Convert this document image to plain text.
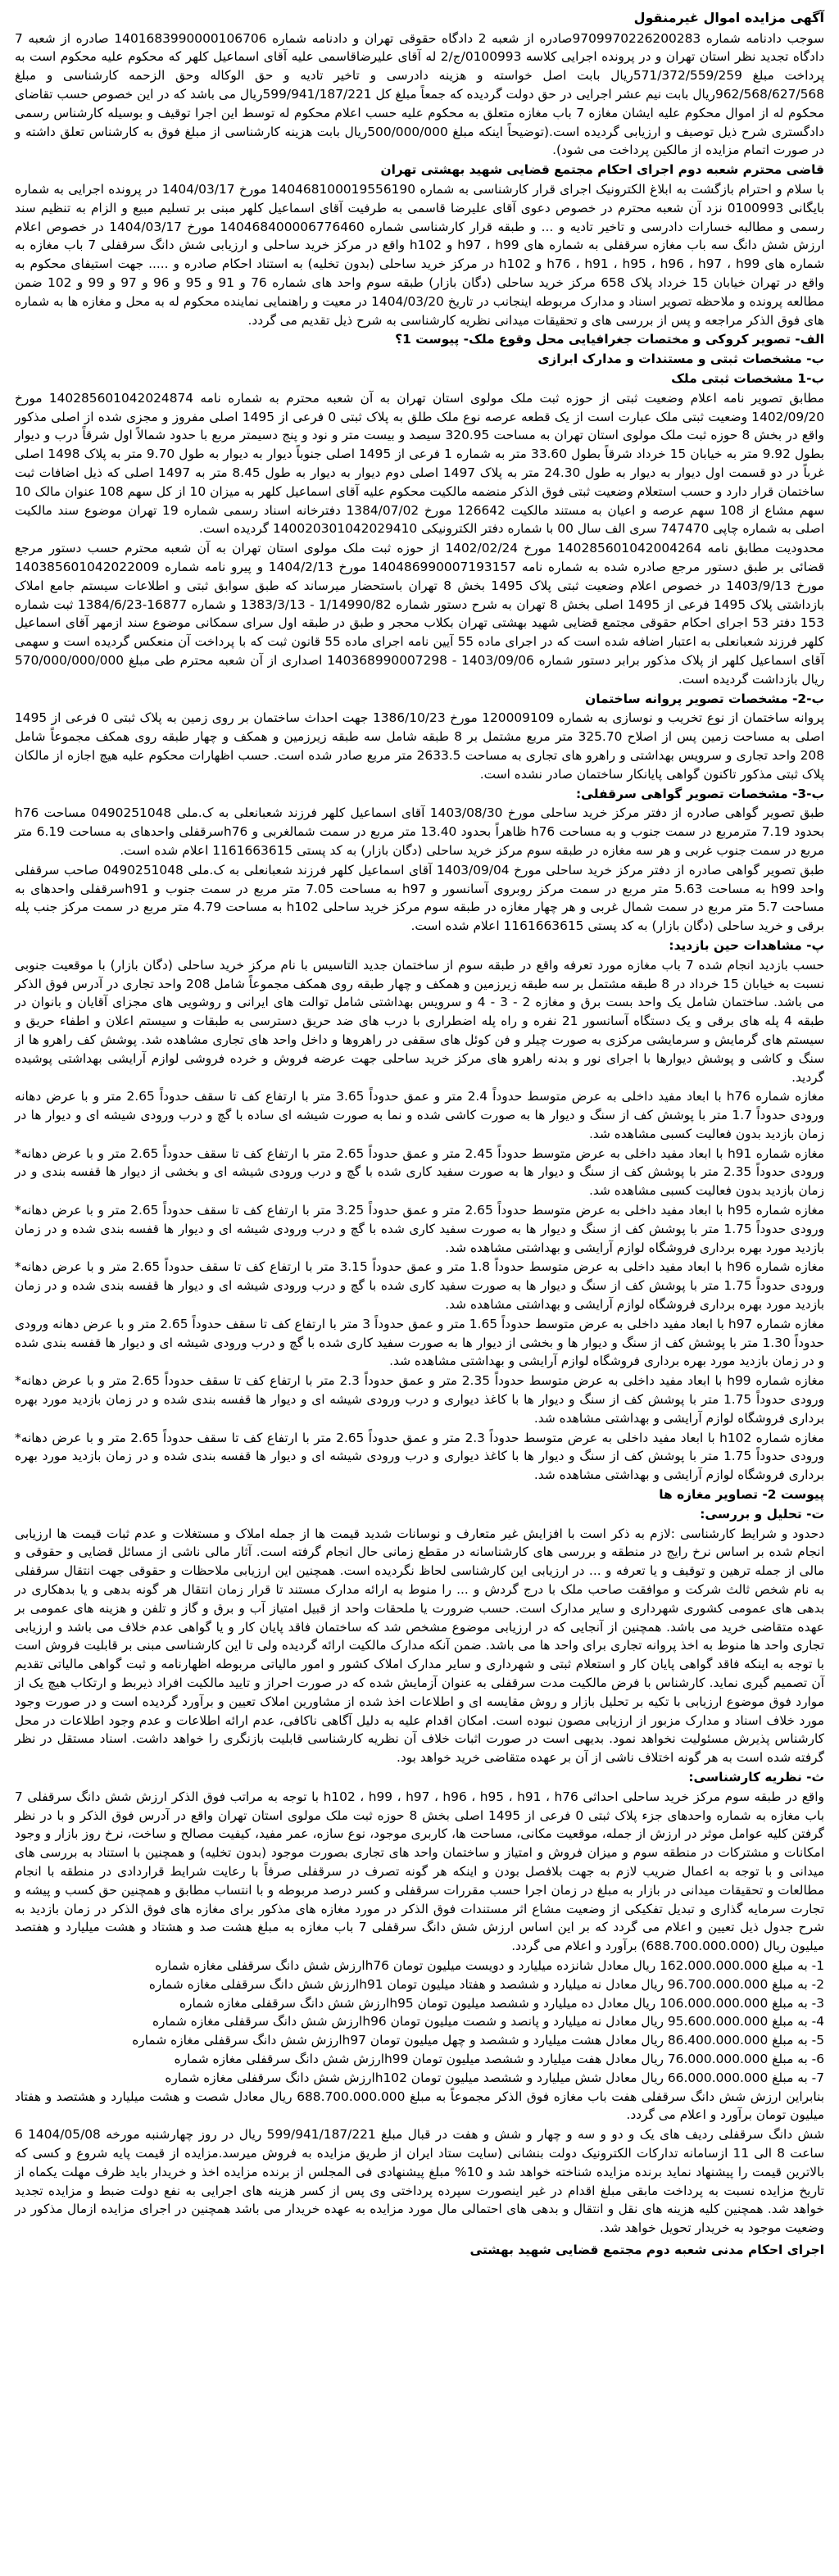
آگهی مزایده اموال غیرمنقول

سوجب دادنامه شماره 9709970226200283صادره از شعبه 2 دادگاه حقوقی تهران و دادنامه شماره 1401683990000106706 صادره از شعبه 7 دادگاه تجدید نظر استان تهران و در پرونده اجرایی کلاسه 0100993/ج/2 له آقای علیرضاقاسمی علیه آقای اسماعیل کلهر که محکوم علیه محکوم است به پرداخت مبلغ 571/372/559/259ریال بابت اصل خواسته و هزینه دادرسی و تاخیر تادیه و حق الوکاله وحق الزحمه کارشناسی و مبلغ 962/568/627/568ریال بابت نیم عشر اجرایی در حق دولت گردیده که جمعاً مبلغ کل 599/941/187/221ریال می باشد که در این خصوص حسب تقاضای محکوم له از اموال محکوم علیه ایشان مغازه 7 باب مغازه متعلق به محکوم علیه حسب اعلام محکوم له توسط این اجرا توقیف و بوسیله کارشناس رسمی دادگستری شرح ذیل توصیف و ارزیابی گردیده است.(توضیحاً اینکه مبلغ 500/000/000ریال بابت هزینه کارشناسی از مبلغ فوق به کارشناس تعلق داشته و در صورت اتمام مزایده از مالکین پرداخت می شود).

قاضی محترم شعبه دوم اجرای احکام مجتمع قضایی شهید بهشتی تهران

با سلام و احترام بازگشت به ابلاغ الکترونیک اجرای قرار کارشناسی به شماره 140468100019556190 مورخ 1404/03/17 در پرونده اجرایی به شماره بایگانی 0100993 نزد آن شعبه محترم در خصوص دعوی آقای علیرضا قاسمی به طرفیت آقای اسماعیل کلهر مبنی بر تسلیم مبیع و الزام به تنظیم سند رسمی و مطالبه خسارات دادرسی و تاخیر تادیه و ... و طبقه قرار کارشناسی شماره 140468400006776460 مورخ 1404/03/17 در خصوص اعلام ارزش شش دانگ سه باب مغازه سرقفلی به شماره های h97 ، h99 و h102 واقع در مرکز خرید ساحلی و ارزیابی شش دانگ سرقفلی 7 باب مغازه به شماره های h76 ، h91 ، h95 ، h96 ، h97 ، h99 و h102 در مرکز خرید ساحلی (بدون تخلیه) به استناد احکام صادره و ..... جهت استیفای محکوم به واقع در تهران خیابان 15 خرداد پلاک 658 مرکز خرید ساحلی (دگان بازار) طبقه سوم واحد های شماره 76 و 91 و 95 و 96 و 97 و 99 و 102 ضمن مطالعه پرونده و ملاحظه تصویر اسناد و مدارک مربوطه اینجانب در تاریخ 1404/03/20 در معیت و راهنمایی نماینده محکوم له به محل و مغازه ها به شماره های فوق الذکر مراجعه و پس از بررسی های و تحقیقات میدانی نظریه کارشناسی به شرح ذیل تقدیم می گردد.

الف- تصویر کروکی و مختصات جغرافیایی محل وقوع ملک- پیوست 1؟

ب- مشخصات ثبتی و مستندات و مدارک ابرازی

ب-1 مشخصات ثبتی ملک

مطابق تصویر نامه اعلام وضعیت ثبتی از حوزه ثبت ملک مولوی استان تهران به آن شعبه محترم به شماره نامه 140285601042024874 مورخ 1402/09/20 وضعیت ثبتی ملک عبارت است از یک قطعه عرصه نوع ملک طلق به پلاک ثبتی 0 فرعی از 1495 اصلی مفروز و مجزی شده از اصلی مذکور واقع در بخش 8 حوزه ثبت ملک مولوی استان تهران به مساحت 320.95 سیصد و بیست متر و نود و پنج دسیمتر مربع با حدود شمالاً اول شرقاً درب و دیوار بطول 9.92 متر به خیابان 15 خرداد شرقاً بطول 33.60 متر به شماره 1 فرعی از 1495 اصلی جنوباً دیوار به دیوار به طول 9.70 متر به پلاک 1498 اصلی غرباً در دو قسمت اول دیوار به دیوار به طول 24.30 متر به پلاک 1497 اصلی دوم دیوار به دیوار به طول 8.45 متر به 1497 اصلی که ذیل اضافات ثبت ساختمان قرار دارد و حسب استعلام وضعیت ثبتی فوق الذکر منضمه مالکیت محکوم علیه آقای اسماعیل کلهر به میزان 10 از کل سهم 108 عنوان مالک 10 سهم مشاع از 108 سهم عرصه و اعیان به مستند مالکیت 126642 مورخ 1384/07/02 دفترخانه اسناد رسمی شماره 19 تهران موضوع سند مالکیت اصلی به شماره چاپی 747470 سری الف سال 00 با شماره دفتر الکترونیکی 140020301042029410 گردیده است.

محدودیت مطابق نامه 140285601042004264 مورخ 1402/02/24 از حوزه ثبت ملک مولوی استان تهران به آن شعبه محترم حسب دستور مرجع قضائی بر طبق دستور مرجع صادره شده به شماره نامه 140486990007193157 مورخ 1404/2/13 و پیرو نامه شماره 140385601042022009 مورخ 1403/9/13 در خصوص اعلام وضعیت ثبتی پلاک 1495 بخش 8 تهران باستحضار میرساند که طبق سوابق ثبتی و اطلاعات سیستم جامع املاک بازداشتی پلاک 1495 فرعی از 1495 اصلی بخش 8 تهران به شرح دستور شماره 1/14990/82 - 1383/3/13 و شماره 16877-1384/6/23 ثبت شماره 153 دفتر 53 اجرای احکام حقوقی مجتمع قضایی شهید بهشتی تهران بکلاب محجر و طبق در طبقه اول سرای سمکانی موضوع سند ازمهر آقای اسماعیل کلهر فرزند شعبانعلی به اعتبار اضافه شده است که در اجرای ماده 55 آیین نامه اجرای ماده 55 قانون ثبت که با پرداخت آن منعکس گردیده است و سهمی آقای اسماعیل کلهر از پلاک مذکور برابر دستور شماره 1403/09/06 - 140368990007298 اصداری از آن شعبه محترم طی مبلغ 570/000/000/000 ریال بازداشت گردیده است.

ب-2- مشخصات تصویر پروانه ساختمان

پروانه ساختمان از نوع تخریب و نوسازی به شماره 120009109 مورخ 1386/10/23 جهت احداث ساختمان بر روی زمین به پلاک ثبتی 0 فرعی از 1495 اصلی به مساحت زمین پس از اصلاح 325.70 متر مربع مشتمل بر 8 طبقه شامل سه طبقه زیرزمین و همکف و چهار طبقه روی همکف مجموعاً شامل 208 واحد تجاری و سرویس بهداشتی و راهرو های تجاری به مساحت 2633.5 متر مربع صادر شده است. حسب اظهارات محکوم علیه هیچ اجازه از مالکان پلاک ثبتی مذکور تاکنون گواهی پایانکار ساختمان صادر نشده است.

ب-3- مشخصات تصویر گواهی سرقفلی:

طبق تصویر گواهی صادره از دفتر مرکز خرید ساحلی مورخ 1403/08/30 آقای اسماعیل کلهر فرزند شعبانعلی به ک.ملی 0490251048 مساحت h76 بحدود 7.19 مترمربع در سمت جنوب و به مساحت h76 ظاهراً بحدود 13.40 متر مربع در سمت شمالغربی و h76سرقفلی واحدهای به مساحت 6.19 متر مربع در سمت جنوب غربی و هر سه مغازه در طبقه سوم مرکز خرید ساحلی (دگان بازار) به کد پستی 1161663615 اعلام شده است.

طبق تصویر گواهی صادره از دفتر مرکز خرید ساحلی مورخ 1403/09/04 آقای اسماعیل کلهر فرزند شعبانعلی به ک.ملی 0490251048 صاحب سرقفلی واحد h99 به مساحت 5.63 متر مربع در سمت مرکز روبروی آسانسور و h97 به مساحت 7.05 متر مربع در سمت جنوب و h91سرقفلی واحدهای به مساحت 5.7 متر مربع در سمت شمال غربی و هر چهار مغازه در طبقه سوم مرکز خرید ساحلی h102 به مساحت 4.79 متر مربع در سمت مرکز جنب پله برقی و خرید ساحلی (دگان بازار) به کد پستی 1161663615 اعلام شده است.

پ- مشاهدات حین بازدید:

حسب بازدید انجام شده 7 باب مغازه مورد تعرفه واقع در طبقه سوم از ساختمان جدید التاسیس با نام مرکز خرید ساحلی (دگان بازار) با موقعیت جنوبی نسبت به خیابان 15 خرداد در 8 طبقه مشتمل بر سه طبقه زیرزمین و همکف و چهار طبقه روی همکف مجموعاً شامل 208 واحد تجاری در آدرس فوق الذکر می باشد. ساختمان شامل یک واحد بست برق و مغازه 2 - 3 - 4 و سرویس بهداشتی شامل توالت های ایرانی و روشویی های مجزای آقایان و بانوان در طبقه 4 پله های برقی و یک دستگاه آسانسور 21 نفره و راه پله اضطراری با درب های ضد حریق دسترسی به طبقات و سیستم اعلان و اطفاء حریق و سیستم های گرمایش و سرمایشی مرکزی به صورت چیلر و فن کوئل های سقفی در راهروها و داخل واحد های تجاری مشاهده شد. پوشش کف راهرو ها از سنگ و کاشی و پوشش دیوارها با اجرای نور و بدنه راهرو های مرکز خرید ساحلی جهت عرضه فروش و خرده فروشی لوازم آرایشی بهداشتی پوشیده گردید.

مغازه شماره h76 با ابعاد مفید داخلی به عرض متوسط حدوداً 2.4 متر و عمق حدوداً 3.65 متر با ارتفاع کف تا سقف حدوداً 2.65 متر و با عرض دهانه ورودی حدوداً 1.7 متر با پوشش کف از سنگ و دیوار ها به صورت کاشی شده و نما به صورت شیشه ای ساده با گچ و درب ورودی شیشه ای و دیوار ها در زمان بازدید بدون فعالیت کسبی مشاهده شد.

مغازه شماره h91 با ابعاد مفید داخلی به عرض متوسط حدوداً 2.45 متر و عمق حدوداً 2.65 متر با ارتفاع کف تا سقف حدوداً 2.65 متر و با عرض دهانه* ورودی حدوداً 2.35 متر با پوشش کف از سنگ و دیوار ها به صورت سفید کاری شده با گچ و درب ورودی شیشه ای و بخشی از دیوار ها قفسه بندی و در زمان بازدید بدون فعالیت کسبی مشاهده شد.

مغازه شماره h95 با ابعاد مفید داخلی به عرض متوسط حدوداً 2.65 متر و عمق حدوداً 3.25 متر با ارتفاع کف تا سقف حدوداً 2.65 متر و با عرض دهانه* ورودی حدوداً 1.75 متر با پوشش کف از سنگ و دیوار ها به صورت سفید کاری شده با گچ و درب ورودی شیشه ای و دیوار ها قفسه بندی شده و در زمان بازدید مورد بهره برداری فروشگاه لوازم آرایشی و بهداشتی مشاهده شد.

مغازه شماره h96 با ابعاد مفید داخلی به عرض متوسط حدوداً 1.8 متر و عمق حدوداً 3.15 متر با ارتفاع کف تا سقف حدوداً 2.65 متر و با عرض دهانه* ورودی حدوداً 1.75 متر با پوشش کف از سنگ و دیوار ها به صورت سفید کاری شده با گچ و درب ورودی شیشه ای و دیوار ها قفسه بندی شده و در زمان بازدید مورد بهره برداری فروشگاه لوازم آرایشی و بهداشتی مشاهده شد.

مغازه شماره h97 با ابعاد مفید داخلی به عرض متوسط حدوداً 1.65 متر و عمق حدوداً 3 متر با ارتفاع کف تا سقف حدوداً 2.65 متر و با عرض دهانه ورودی حدوداً 1.30 متر با پوشش کف از سنگ و دیوار ها و بخشی از دیوار ها به صورت سفید کاری شده با گچ و درب ورودی شیشه ای و دیوار ها قفسه بندی شده و در زمان بازدید مورد بهره برداری فروشگاه لوازم آرایشی و بهداشتی مشاهده شد.

مغازه شماره h99 با ابعاد مفید داخلی به عرض متوسط حدوداً 2.35 متر و عمق حدوداً 2.3 متر با ارتفاع کف تا سقف حدوداً 2.65 متر و با عرض دهانه* ورودی حدوداً 1.75 متر با پوشش کف از سنگ و دیوار ها با کاغذ دیواری و درب ورودی شیشه ای و دیوار ها قفسه بندی شده و در زمان بازدید مورد بهره برداری فروشگاه لوازم آرایشی و بهداشتی مشاهده شد.

مغازه شماره h102 با ابعاد مفید داخلی به عرض متوسط حدوداً 2.3 متر و عمق حدوداً 2.65 متر با ارتفاع کف تا سقف حدوداً 2.65 متر و با عرض دهانه* ورودی حدوداً 1.75 متر با پوشش کف از سنگ و دیوار ها با کاغذ دیواری و درب ورودی شیشه ای و دیوار ها قفسه بندی شده و در زمان بازدید مورد بهره برداری فروشگاه لوازم آرایشی و بهداشتی مشاهده شد.

پیوست 2- تصاویر مغازه ها

ت- تحلیل و بررسی:

دحدود و شرایط کارشناسی :لازم به ذکر است با افزایش غیر متعارف و نوسانات شدید قیمت ها از جمله املاک و مستغلات و عدم ثبات قیمت ها ارزیابی انجام شده بر اساس نرخ رایج در منطقه و بررسی های کارشناسانه در مقطع زمانی حال انجام گرفته است. آثار مالی ناشی از مسائل قضایی و حقوقی و مالی از جمله ترهین و توقیف و یا تعرفه و ... در ارزیابی این کارشناسی لحاظ نگردیده است. همچنین این ارزیابی ملاحظات و حقوقی جهت انتقال سرقفلی به نام شخص ثالث شرکت و موافقت صاحب ملک با درج گردش و ... را منوط به ارائه مدارک مستند تا قرار زمان انتقال هر گونه بدهی و یا بدهکاری در بدهی های عمومی کشوری شهرداری و سایر مدارک است. حسب ضرورت یا ملحقات واحد از قبیل امتیاز آب و برق و گاز و تلفن و هزینه های عمومی بر عهده متقاضی خرید می باشد. همچنین از آنجایی که در ارزیابی موضوع مشخص شد که ساختمان فاقد پایان کار و یا گواهی عدم خلاف می باشد و ارزیابی تجاری واحد ها منوط به اخذ پروانه تجاری برای واحد ها می باشد. ضمن آنکه مدارک مالکیت ارائه گردیده ولی تا این کارشناسی مبنی بر قابلیت فروش است با توجه به اینکه فاقد گواهی پایان کار و استعلام ثبتی و شهرداری و سایر مدارک املاک کشور و امور مالیاتی مربوطه اظهارنامه و ثبت گواهی مالیاتی تقدیم آن تصمیم گیری نماید. کارشناس با فرض مالکیت مدت سرقفلی به عنوان آزمایش شده که در صورت احراز و تایید مالکیت افراد ذیربط و ارتکاب هیچ یک از موارد فوق موضوع ارزیابی با تکیه بر تحلیل بازار و روش مقایسه ای و اطلاعات اخذ شده از مشاورین املاک تعیین و برآورد گردیده است و در صورت وجود مورد خلاف اسناد و مدارک مزبور از ارزیابی مصون نبوده است. امکان اقدام علیه به دلیل آگاهی ناکافی، عدم ارائه اطلاعات و عدم وجود اطلاعات در محل کارشناس پذیرش مسئولیت نخواهد نمود. بدیهی است در صورت اثبات خلاف آن نظریه کارشناسی قابلیت بازنگری را خواهد داشت. اسناد مستقل در نظر گرفته شده است به هر گونه اختلاف ناشی از آن بر عهده متقاضی خرید خواهد بود.

ث- نظریه کارشناسی:

واقع در طبقه سوم مرکز خرید ساحلی احداثی h102 ، h99 ، h97 ، h96 ، h95 ، h91 ، h76 با توجه به مراتب فوق الذکر ارزش شش دانگ سرقفلی 7 باب مغازه به شماره واحدهای جزء پلاک ثبتی 0 فرعی از 1495 اصلی بخش 8 حوزه ثبت ملک مولوی استان تهران واقع در آدرس فوق الذکر و با در نظر گرفتن کلیه عوامل موثر در ارزش از جمله، موقعیت مکانی، مساحت ها، کاربری موجود، نوع سازه، عمر مفید، کیفیت مصالح و ساخت، نرخ روز بازار و وجود امکانات و مشترکات در منطقه سوم و میزان فروش و امتیاز و ساختمان واحد های تجاری بصورت موجود (بدون تخلیه) و همچنین با استناد به بررسی های میدانی و با توجه به اعمال ضریب لازم به جهت بلافصل بودن و اینکه هر گونه تصرف در سرقفلی صرفاً با رعایت شرایط قراردادی در منطقه با انجام مطالعات و تحقیقات میدانی در بازار به مبلغ در زمان اجرا حسب مقررات سرقفلی و کسر درصد مربوطه و با انتساب مطابق و همچنین حق کسب و پیشه و تجارت سرمایه گذاری و تبدیل تفکیکی از وضعیت مشاع اثر مستندات فوق الذکر در مورد مغازه های مذکور برای مغازه های فوق الذکر در زمان بازدید به شرح جدول ذیل تعیین و اعلام می گردد که بر این اساس ارزش شش دانگ سرقفلی 7 باب مغازه به مبلغ هشت صد و هشتاد و هشت میلیارد و هفتصد میلیون ریال (688.700.000.000) برآورد و اعلام می گردد.

1- به مبلغ 162.000.000.000 ریال معادل شانزده میلیارد و دویست میلیون تومان h76ارزش شش دانگ سرقفلی مغازه شماره
2- به مبلغ 96.700.000.000 ریال معادل نه میلیارد و ششصد و هفتاد میلیون تومان h91ارزش شش دانگ سرقفلی مغازه شماره
3- به مبلغ 106.000.000.000 ریال معادل ده میلیارد و ششصد میلیون تومان h95ارزش شش دانگ سرقفلی مغازه شماره
4- به مبلغ 95.600.000.000 ریال معادل نه میلیارد و پانصد و شصت میلیون تومان h96ارزش شش دانگ سرقفلی مغازه شماره
5- به مبلغ 86.400.000.000 ریال معادل هشت میلیارد و ششصد و چهل میلیون تومان h97ارزش شش دانگ سرقفلی مغازه شماره
6- به مبلغ 76.000.000.000 ریال معادل هفت میلیارد و ششصد میلیون تومان h99ارزش شش دانگ سرقفلی مغازه شماره
7- به مبلغ 66.000.000.000 ریال معادل شش میلیارد و ششصد میلیون تومان h102ارزش شش دانگ سرقفلی مغازه شماره

بنابراین ارزش شش دانگ سرقفلی هفت باب مغازه فوق الذکر مجموعاً به مبلغ 688.700.000.000 ریال معادل شصت و هشت میلیارد و هشتصد و هفتاد میلیون تومان برآورد و اعلام می گردد.

شش دانگ سرقفلی ردیف های یک و دو و سه و چهار و شش و هفت در قبال مبلغ 599/941/187/221 ریال در روز چهارشنبه مورخه 1404/05/08 6 ساعت 8 الی 11 ازسامانه تدارکات الکترونیک دولت بنشانی (سایت ستاد ایران از طریق مزایده به فروش میرسد.مزایده از قیمت پایه شروع و کسی که بالاترین قیمت را پیشنهاد نماید برنده مزایده شناخته خواهد شد و 10% مبلغ پیشنهادی فی المجلس از برنده مزایده اخذ و خریدار باید ظرف مهلت یکماه از تاریخ مزایده نسبت به پرداخت مابقی مبلغ اقدام در غیر اینصورت سپرده پرداختی وی پس از کسر هزینه های اجرایی به نفع دولت ضبط و مزایده تجدید خواهد شد. همچنین کلیه هزینه های نقل و انتقال و بدهی های احتمالی مال مورد مزایده به عهده خریدار می باشد همچنین در اجرای مزایده ازمال مذکور در وضعیت موجود به خریدار تحویل خواهد شد.

اجرای احکام مدنی شعبه دوم مجتمع قضایی شهید بهشتی
